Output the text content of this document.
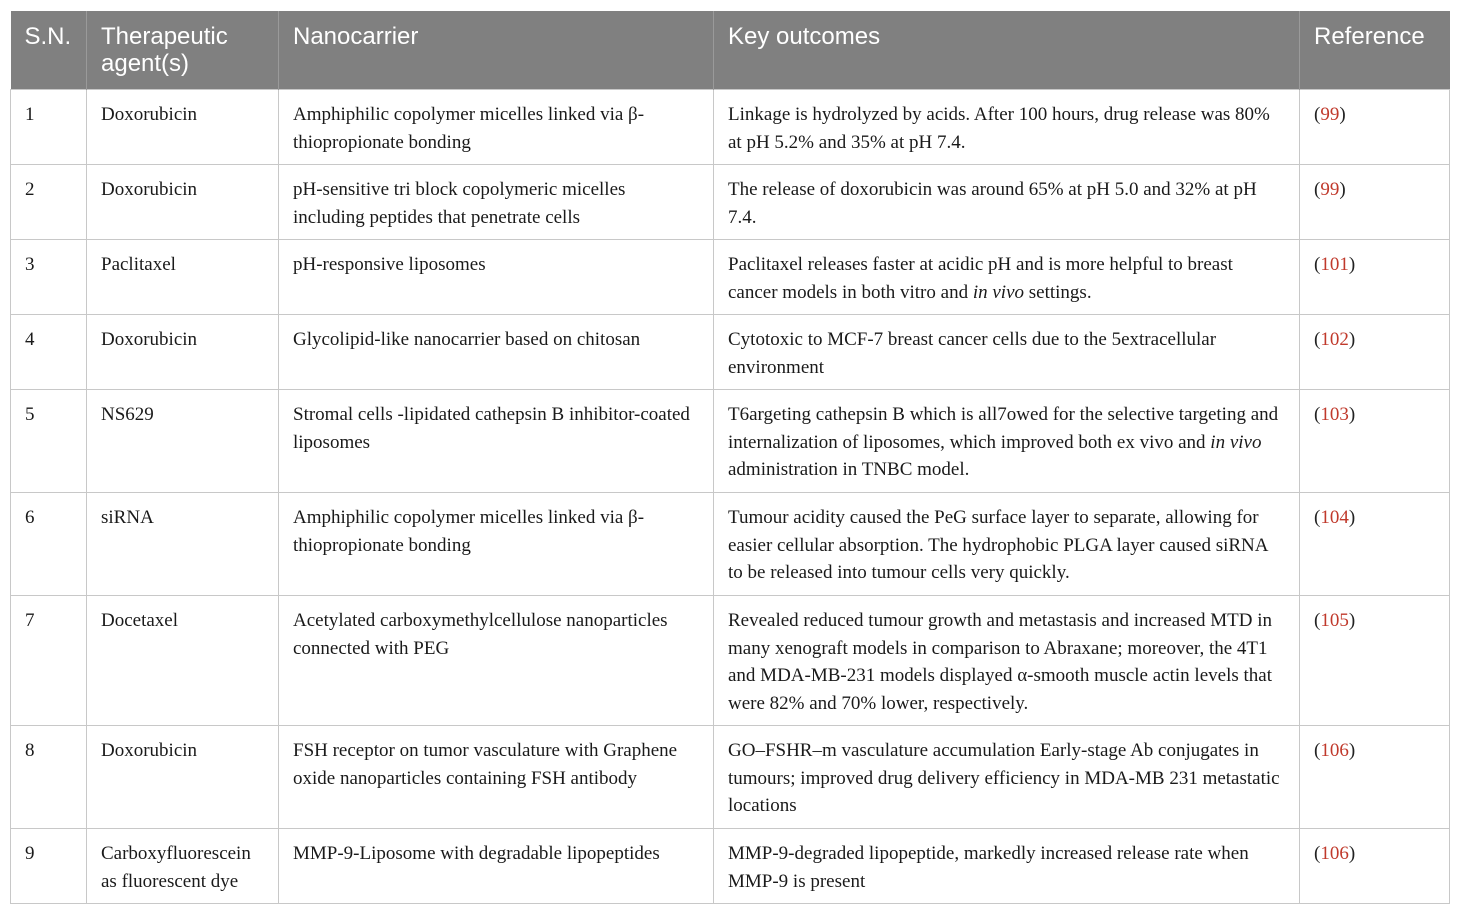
S.N.	Therapeutic agent(s)	Nanocarrier	Key outcomes	Reference
1	Doxorubicin	Amphiphilic copolymer micelles linked via β-thiopropionate bonding	Linkage is hydrolyzed by acids. After 100 hours, drug release was 80% at pH 5.2% and 35% at pH 7.4.	(99)
2	Doxorubicin	pH-sensitive tri block copolymeric micelles including peptides that penetrate cells	The release of doxorubicin was around 65% at pH 5.0 and 32% at pH 7.4.	(99)
3	Paclitaxel	pH-responsive liposomes	Paclitaxel releases faster at acidic pH and is more helpful to breast cancer models in both vitro and in vivo settings.	(101)
4	Doxorubicin	Glycolipid-like nanocarrier based on chitosan	Cytotoxic to MCF-7 breast cancer cells due to the 5extracellular environment	(102)
5	NS629	Stromal cells -lipidated cathepsin B inhibitor-coated liposomes	T6argeting cathepsin B which is all7owed for the selective targeting and internalization of liposomes, which improved both ex vivo and in vivo administration in TNBC model.	(103)
6	siRNA	Amphiphilic copolymer micelles linked via β-thiopropionate bonding	Tumour acidity caused the PeG surface layer to separate, allowing for easier cellular absorption. The hydrophobic PLGA layer caused siRNA to be released into tumour cells very quickly.	(104)
7	Docetaxel	Acetylated carboxymethylcellulose nanoparticles connected with PEG	Revealed reduced tumour growth and metastasis and increased MTD in many xenograft models in comparison to Abraxane; moreover, the 4T1 and MDA-MB-231 models displayed α-smooth muscle actin levels that were 82% and 70% lower, respectively.	(105)
8	Doxorubicin	FSH receptor on tumor vasculature with Graphene oxide nanoparticles containing FSH antibody	GO–FSHR–m vasculature accumulation Early-stage Ab conjugates in tumours; improved drug delivery efficiency in MDA-MB 231 metastatic locations	(106)
9	Carboxyfluorescein as fluorescent dye	MMP-9-Liposome with degradable lipopeptides	MMP-9-degraded lipopeptide, markedly increased release rate when MMP-9 is present	(106)
